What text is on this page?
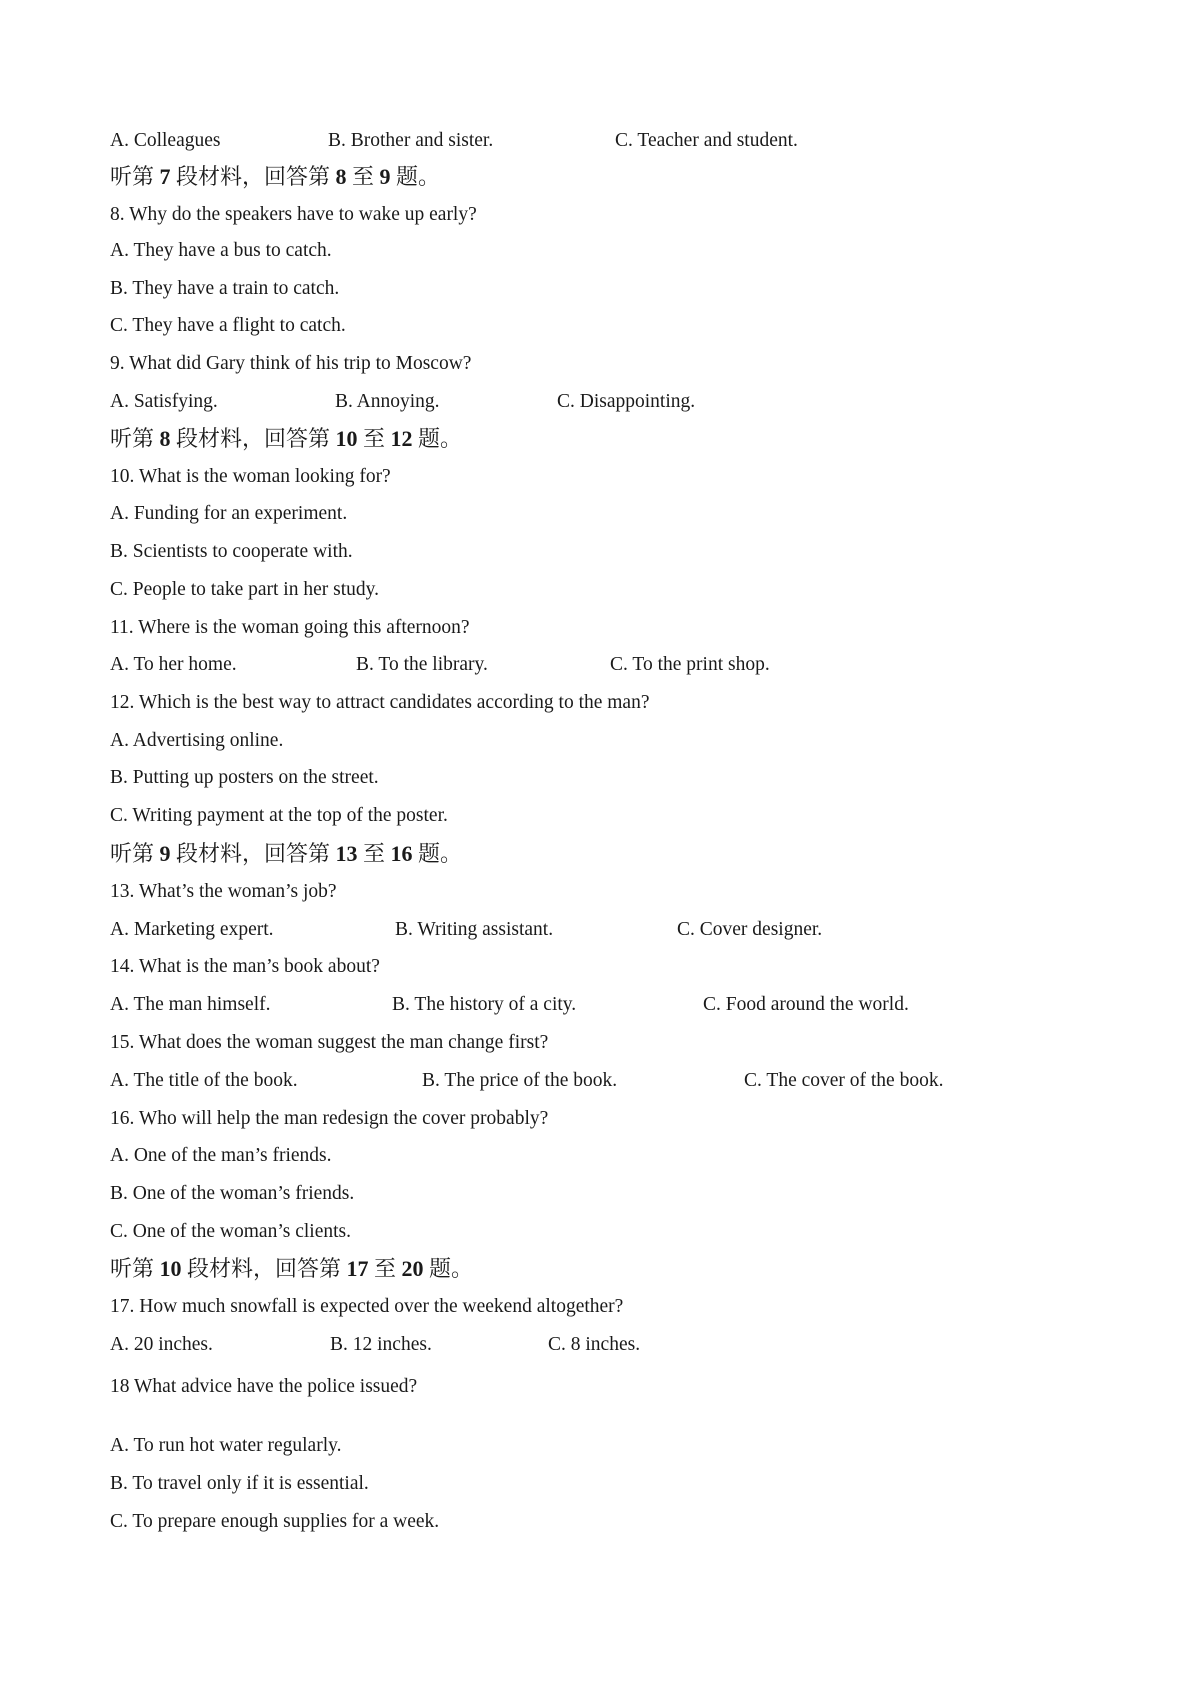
A. Colleagues	B. Brother and sister.	C. Teacher and student.
听第 7 段材料，回答第 8 至 9 题。
8. Why do the speakers have to wake up early?
A. They have a bus to catch.
B. They have a train to catch.
C. They have a flight to catch.
9. What did Gary think of his trip to Moscow?
A. Satisfying.	B. Annoying.	C. Disappointing.
听第 8 段材料，回答第 10 至 12 题。
10. What is the woman looking for?
A. Funding for an experiment.
B. Scientists to cooperate with.
C. People to take part in her study.
11. Where is the woman going this afternoon?
A. To her home.	B. To the library.	C. To the print shop.
12. Which is the best way to attract candidates according to the man?
A. Advertising online.
B. Putting up posters on the street.
C. Writing payment at the top of the poster.
听第 9 段材料，回答第 13 至 16 题。
13. What’s the woman’s job?
A. Marketing expert.	B. Writing assistant.	C. Cover designer.
14. What is the man’s book about?
A. The man himself.	B. The history of a city.	C. Food around the world.
15. What does the woman suggest the man change first?
A. The title of the book.	B. The price of the book.	C. The cover of the book.
16. Who will help the man redesign the cover probably?
A. One of the man’s friends.
B. One of the woman’s friends.
C. One of the woman’s clients.
听第 10 段材料，回答第 17 至 20 题。
17. How much snowfall is expected over the weekend altogether?
A. 20 inches.	B. 12 inches.	C. 8 inches.
18 What advice have the police issued?
A. To run hot water regularly.
B. To travel only if it is essential.
C. To prepare enough supplies for a week.
